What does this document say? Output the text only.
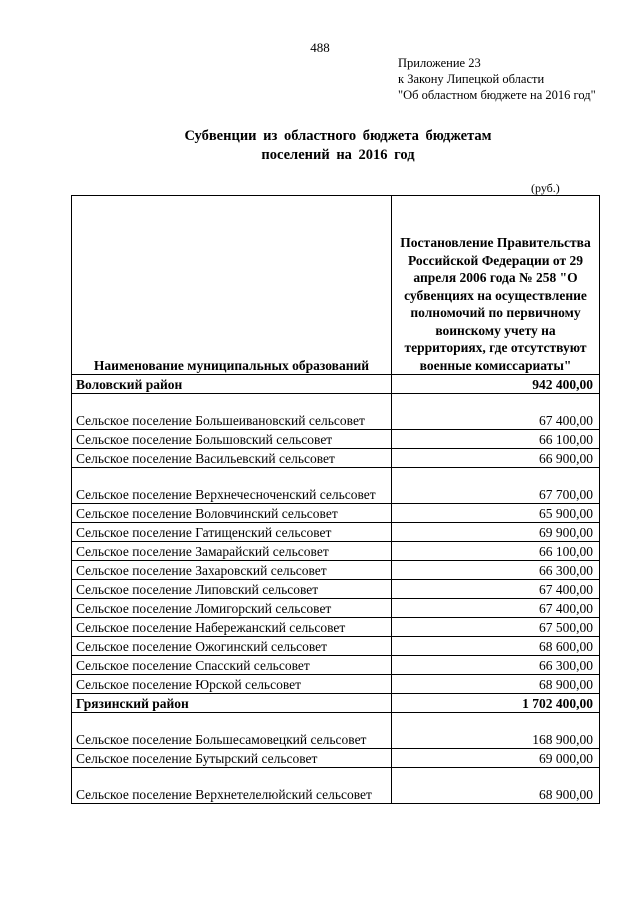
488
Приложение 23
к Закону Липецкой области
"Об областном бюджете на 2016 год"
Субвенции из областного бюджета бюджетам
поселений на 2016 год
(руб.)
Наименование муниципальных образований	Постановление Правительства Российской Федерации от 29 апреля 2006 года № 258 "О субвенциях на осуществление полномочий по первичному воинскому учету на территориях, где отсутствуют военные комиссариаты"
Воловский район	942 400,00
Сельское поселение Большеивановский сельсовет	67 400,00
Сельское поселение Большовский сельсовет	66 100,00
Сельское поселение Васильевский сельсовет	66 900,00
Сельское поселение Верхнечесноченский сельсовет	67 700,00
Сельское поселение Воловчинский сельсовет	65 900,00
Сельское поселение Гатищенский сельсовет	69 900,00
Сельское поселение Замарайский сельсовет	66 100,00
Сельское поселение Захаровский сельсовет	66 300,00
Сельское поселение Липовский сельсовет	67 400,00
Сельское поселение Ломигорский сельсовет	67 400,00
Сельское поселение Набережанский сельсовет	67 500,00
Сельское поселение Ожогинский сельсовет	68 600,00
Сельское поселение Спасский сельсовет	66 300,00
Сельское поселение Юрской сельсовет	68 900,00
Грязинский район	1 702 400,00
Сельское поселение Большесамовецкий сельсовет	168 900,00
Сельское поселение Бутырский сельсовет	69 000,00
Сельское поселение Верхнетелелюйский сельсовет	68 900,00
